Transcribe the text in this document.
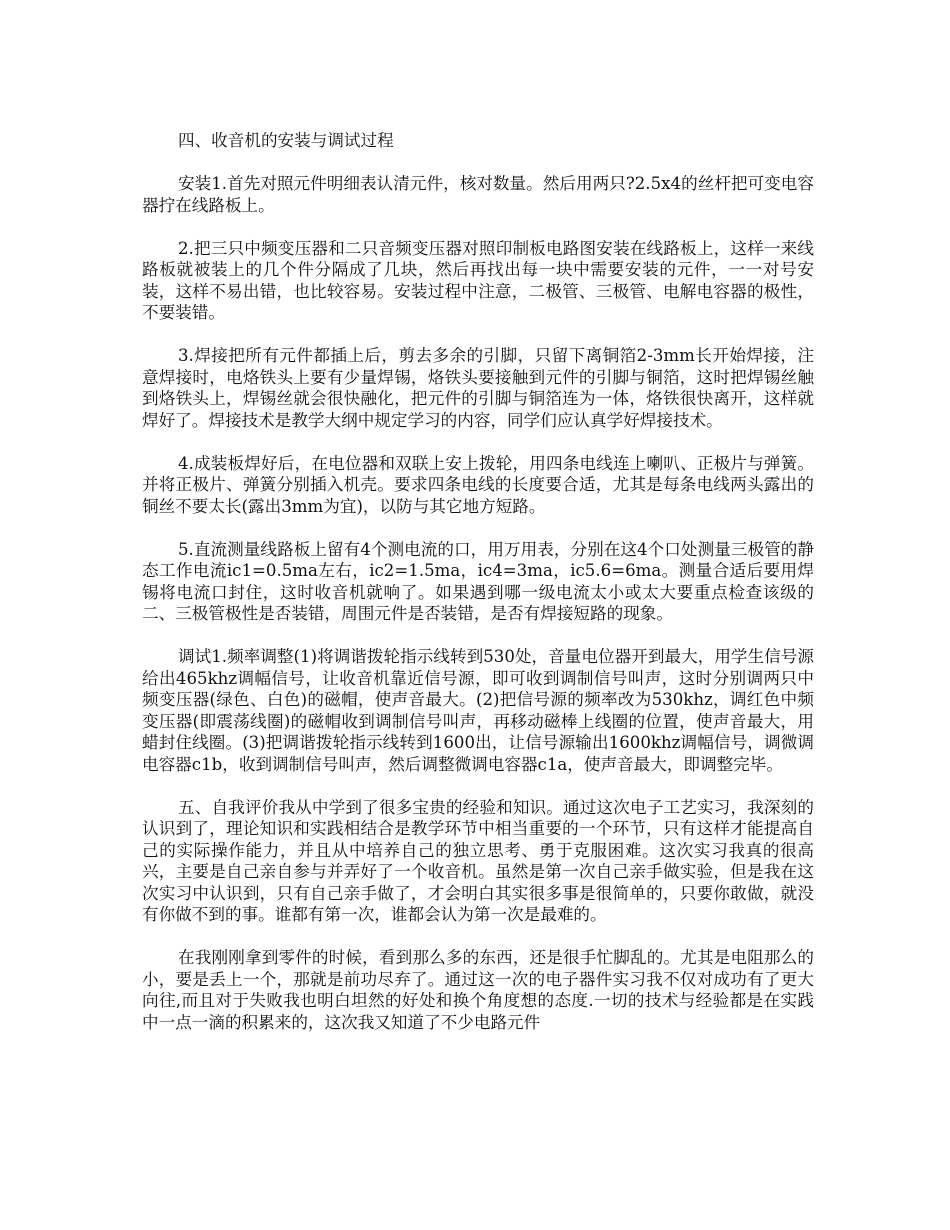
四、收音机的安装与调试过程

安装1.首先对照元件明细表认清元件，核对数量。然后用两只?2.5x4的丝杆把可变电容器拧在线路板上。

2.把三只中频变压器和二只音频变压器对照印制板电路图安装在线路板上，这样一来线路板就被装上的几个件分隔成了几块，然后再找出每一块中需要安装的元件，一一对号安装，这样不易出错，也比较容易。安装过程中注意，二极管、三极管、电解电容器的极性，不要装错。

3.焊接把所有元件都插上后，剪去多余的引脚，只留下离铜箔2-3mm长开始焊接，注意焊接时，电烙铁头上要有少量焊锡，烙铁头要接触到元件的引脚与铜箔，这时把焊锡丝触到烙铁头上，焊锡丝就会很快融化，把元件的引脚与铜箔连为一体，烙铁很快离开，这样就焊好了。焊接技术是教学大纲中规定学习的内容，同学们应认真学好焊接技术。

4.成装板焊好后，在电位器和双联上安上拨轮，用四条电线连上喇叭、正极片与弹簧。并将正极片、弹簧分别插入机壳。要求四条电线的长度要合适，尤其是每条电线两头露出的铜丝不要太长(露出3mm为宜)，以防与其它地方短路。

5.直流测量线路板上留有4个测电流的口，用万用表，分别在这4个口处测量三极管的静态工作电流ic1=0.5ma左右，ic2=1.5ma，ic4=3ma，ic5.6=6ma。测量合适后要用焊锡将电流口封住，这时收音机就响了。如果遇到哪一级电流太小或太大要重点检查该级的二、三极管极性是否装错，周围元件是否装错，是否有焊接短路的现象。

调试1.频率调整(1)将调谐拨轮指示线转到530处，音量电位器开到最大，用学生信号源给出465khz调幅信号，让收音机靠近信号源，即可收到调制信号叫声，这时分别调两只中频变压器(绿色、白色)的磁帽，使声音最大。(2)把信号源的频率改为530khz，调红色中频变压器(即震荡线圈)的磁帽收到调制信号叫声，再移动磁棒上线圈的位置，使声音最大，用蜡封住线圈。(3)把调谐拨轮指示线转到1600出，让信号源输出1600khz调幅信号，调微调电容器c1b，收到调制信号叫声，然后调整微调电容器c1a，使声音最大，即调整完毕。

五、自我评价我从中学到了很多宝贵的经验和知识。通过这次电子工艺实习，我深刻的认识到了，理论知识和实践相结合是教学环节中相当重要的一个环节，只有这样才能提高自己的实际操作能力，并且从中培养自己的独立思考、勇于克服困难。这次实习我真的很高兴，主要是自己亲自参与并弄好了一个收音机。虽然是第一次自己亲手做实验，但是我在这次实习中认识到，只有自己亲手做了，才会明白其实很多事是很简单的，只要你敢做，就没有你做不到的事。谁都有第一次，谁都会认为第一次是最难的。

在我刚刚拿到零件的时候，看到那么多的东西，还是很手忙脚乱的。尤其是电阻那么的小，要是丢上一个，那就是前功尽弃了。通过这一次的电子器件实习我不仅对成功有了更大向往,而且对于失败我也明白坦然的好处和换个角度想的态度.一切的技术与经验都是在实践中一点一滴的积累来的，这次我又知道了不少电路元件
